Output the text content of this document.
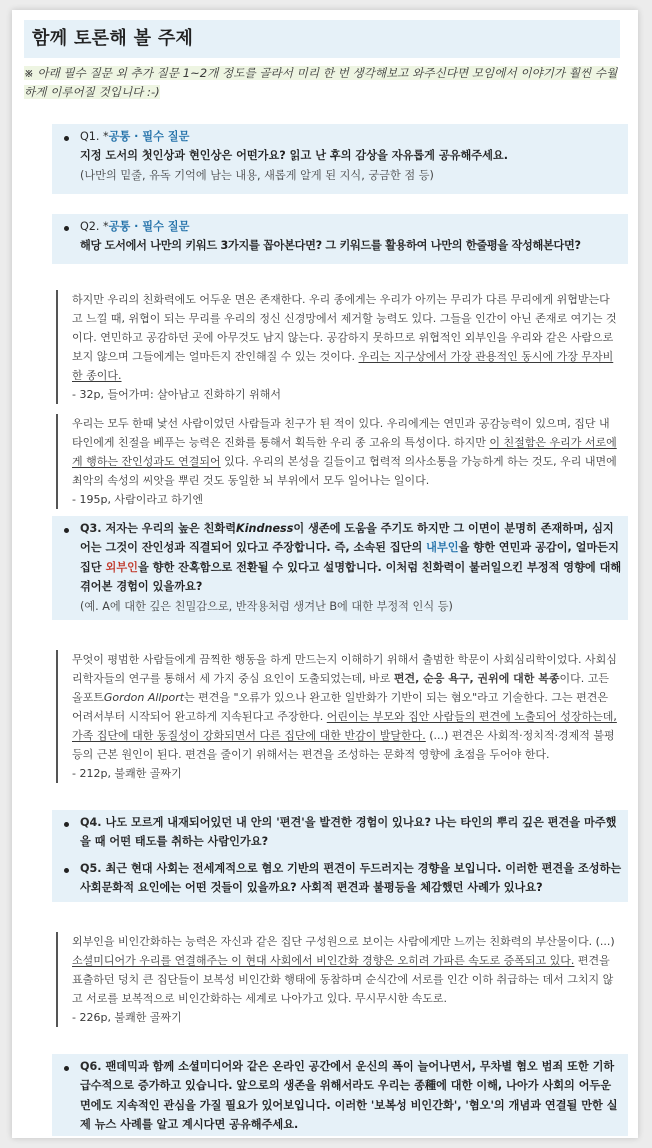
함께 토론해 볼 주제
※ 아래 필수 질문 외 추가 질문 1~2개 정도를 골라서 미리 한 번 생각해보고 와주신다면 모임에서 이야기가 훨씬 수월하게 이루어질 것입니다 :-)
Q1. *공통 · 필수 질문
지정 도서의 첫인상과 현인상은 어떤가요? 읽고 난 후의 감상을 자유롭게 공유해주세요.
(나만의 밑줄, 유독 기억에 남는 내용, 새롭게 알게 된 지식, 궁금한 점 등)
Q2. *공통 · 필수 질문
해당 도서에서 나만의 키워드 3가지를 꼽아본다면? 그 키워드를 활용하여 나만의 한줄평을 작성해본다면?
하지만 우리의 친화력에도 어두운 면은 존재한다. 우리 종에게는 우리가 아끼는 무리가 다른 무리에게 위협받는다고 느낄 때, 위협이 되는 무리를 우리의 정신 신경망에서 제거할 능력도 있다. 그들을 인간이 아닌 존재로 여기는 것이다. 연민하고 공감하던 곳에 아무것도 남지 않는다. 공감하지 못하므로 위협적인 외부인을 우리와 같은 사람으로 보지 않으며 그들에게는 얼마든지 잔인해질 수 있는 것이다. 우리는 지구상에서 가장 관용적인 동시에 가장 무자비한 종이다.
- 32p, 들어가며: 살아남고 진화하기 위해서
우리는 모두 한때 낯선 사람이었던 사람들과 친구가 된 적이 있다. 우리에게는 연민과 공감능력이 있으며, 집단 내 타인에게 친절을 베푸는 능력은 진화를 통해서 획득한 우리 종 고유의 특성이다. 하지만 이 친절함은 우리가 서로에게 행하는 잔인성과도 연결되어 있다. 우리의 본성을 길들이고 협력적 의사소통을 가능하게 하는 것도, 우리 내면에 최악의 속성의 씨앗을 뿌린 것도 동일한 뇌 부위에서 모두 일어나는 일이다.
- 195p, 사람이라고 하기엔
Q3. 저자는 우리의 높은 친화력Kindness이 생존에 도움을 주기도 하지만 그 이면이 분명히 존재하며, 심지어는 그것이 잔인성과 직결되어 있다고 주장합니다. 즉, 소속된 집단의 내부인을 향한 연민과 공감이, 얼마든지 집단 외부인을 향한 잔혹함으로 전환될 수 있다고 설명합니다. 이처럼 친화력이 불러일으킨 부정적 영향에 대해 겪어본 경험이 있을까요?
(예. A에 대한 깊은 친밀감으로, 반작용처럼 생겨난 B에 대한 부정적 인식 등)
무엇이 평범한 사람들에게 끔찍한 행동을 하게 만드는지 이해하기 위해서 출범한 학문이 사회심리학이었다. 사회심리학자들의 연구를 통해서 세 가지 중심 요인이 도출되었는데, 바로 편견, 순응 욕구, 권위에 대한 복종이다. 고든 올포트Gordon Allport는 편견을 "오류가 있으나 완고한 일반화가 기반이 되는 혐오"라고 기술한다. 그는 편견은 어려서부터 시작되어 완고하게 지속된다고 주장한다. 어린이는 부모와 집안 사람들의 편견에 노출되어 성장하는데, 가족 집단에 대한 동질성이 강화되면서 다른 집단에 대한 반감이 발달한다. (...) 편견은 사회적·정치적·경제적 불평등의 근본 원인이 된다. 편견을 줄이기 위해서는 편견을 조성하는 문화적 영향에 초점을 두어야 한다.
- 212p, 불쾌한 골짜기
Q4. 나도 모르게 내재되어있던 내 안의 '편견'을 발견한 경험이 있나요? 나는 타인의 뿌리 깊은 편견을 마주했을 때 어떤 태도를 취하는 사람인가요?
Q5. 최근 현대 사회는 전세계적으로 혐오 기반의 편견이 두드러지는 경향을 보입니다. 이러한 편견을 조성하는 사회문화적 요인에는 어떤 것들이 있을까요? 사회적 편견과 불평등을 체감했던 사례가 있나요?
외부인을 비인간화하는 능력은 자신과 같은 집단 구성원으로 보이는 사람에게만 느끼는 친화력의 부산물이다. (...) 소셜미디어가 우리를 연결해주는 이 현대 사회에서 비인간화 경향은 오히려 가파른 속도로 증폭되고 있다. 편견을 표출하던 덩치 큰 집단들이 보복성 비인간화 행태에 동참하며 순식간에 서로를 인간 이하 취급하는 데서 그치지 않고 서로를 보복적으로 비인간화하는 세계로 나아가고 있다. 무시무시한 속도로.
- 226p, 불쾌한 골짜기
Q6. 팬데믹과 함께 소셜미디어와 같은 온라인 공간에서 운신의 폭이 늘어나면서, 무차별 혐오 범죄 또한 기하급수적으로 증가하고 있습니다. 앞으로의 생존을 위해서라도 우리는 종種에 대한 이해, 나아가 사회의 어두운 면에도 지속적인 관심을 가질 필요가 있어보입니다. 이러한 '보복성 비인간화', '혐오'의 개념과 연결될 만한 실제 뉴스 사례를 알고 계시다면 공유해주세요.
